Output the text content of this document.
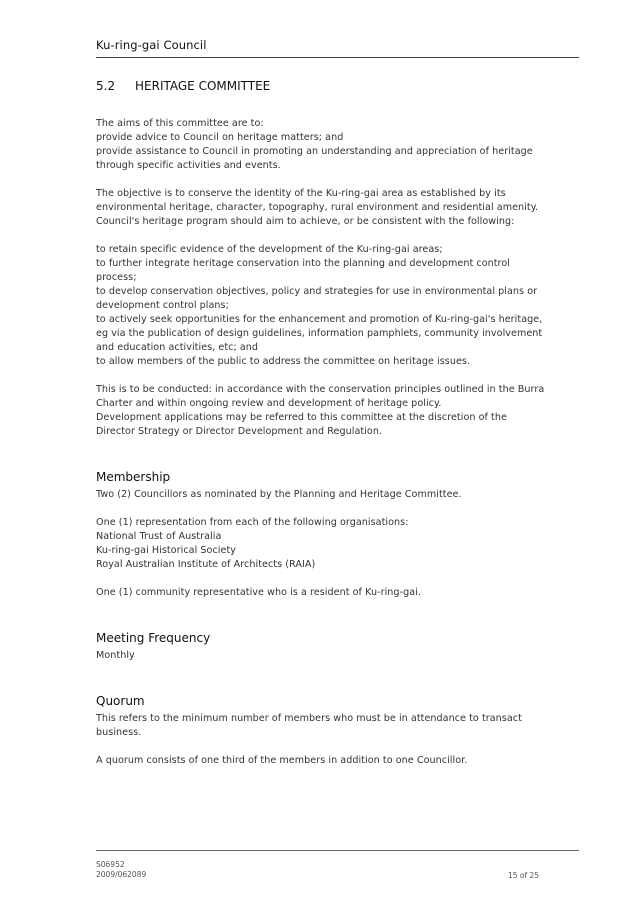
Ku-ring-gai Council
5.2 HERITAGE COMMITTEE
The aims of this committee are to:
provide advice to Council on heritage matters; and
provide assistance to Council in promoting an understanding and appreciation of heritage
through specific activities and events.
The objective is to conserve the identity of the Ku-ring-gai area as established by its
environmental heritage, character, topography, rural environment and residential amenity.
Council's heritage program should aim to achieve, or be consistent with the following:
to retain specific evidence of the development of the Ku-ring-gai areas;
to further integrate heritage conservation into the planning and development control
process;
to develop conservation objectives, policy and strategies for use in environmental plans or
development control plans;
to actively seek opportunities for the enhancement and promotion of Ku-ring-gai's heritage,
eg via the publication of design guidelines, information pamphlets, community involvement
and education activities, etc; and
to allow members of the public to address the committee on heritage issues.
This is to be conducted: in accordance with the conservation principles outlined in the Burra
Charter and within ongoing review and development of heritage policy.
Development applications may be referred to this committee at the discretion of the
Director Strategy or Director Development and Regulation.
Membership
Two (2) Councillors as nominated by the Planning and Heritage Committee.
One (1) representation from each of the following organisations:
National Trust of Australia
Ku-ring-gai Historical Society
Royal Australian Institute of Architects (RAIA)
One (1) community representative who is a resident of Ku-ring-gai.
Meeting Frequency
Monthly
Quorum
This refers to the minimum number of members who must be in attendance to transact
business.
A quorum consists of one third of the members in addition to one Councillor.
S06952
2009/062089	15 of 25
